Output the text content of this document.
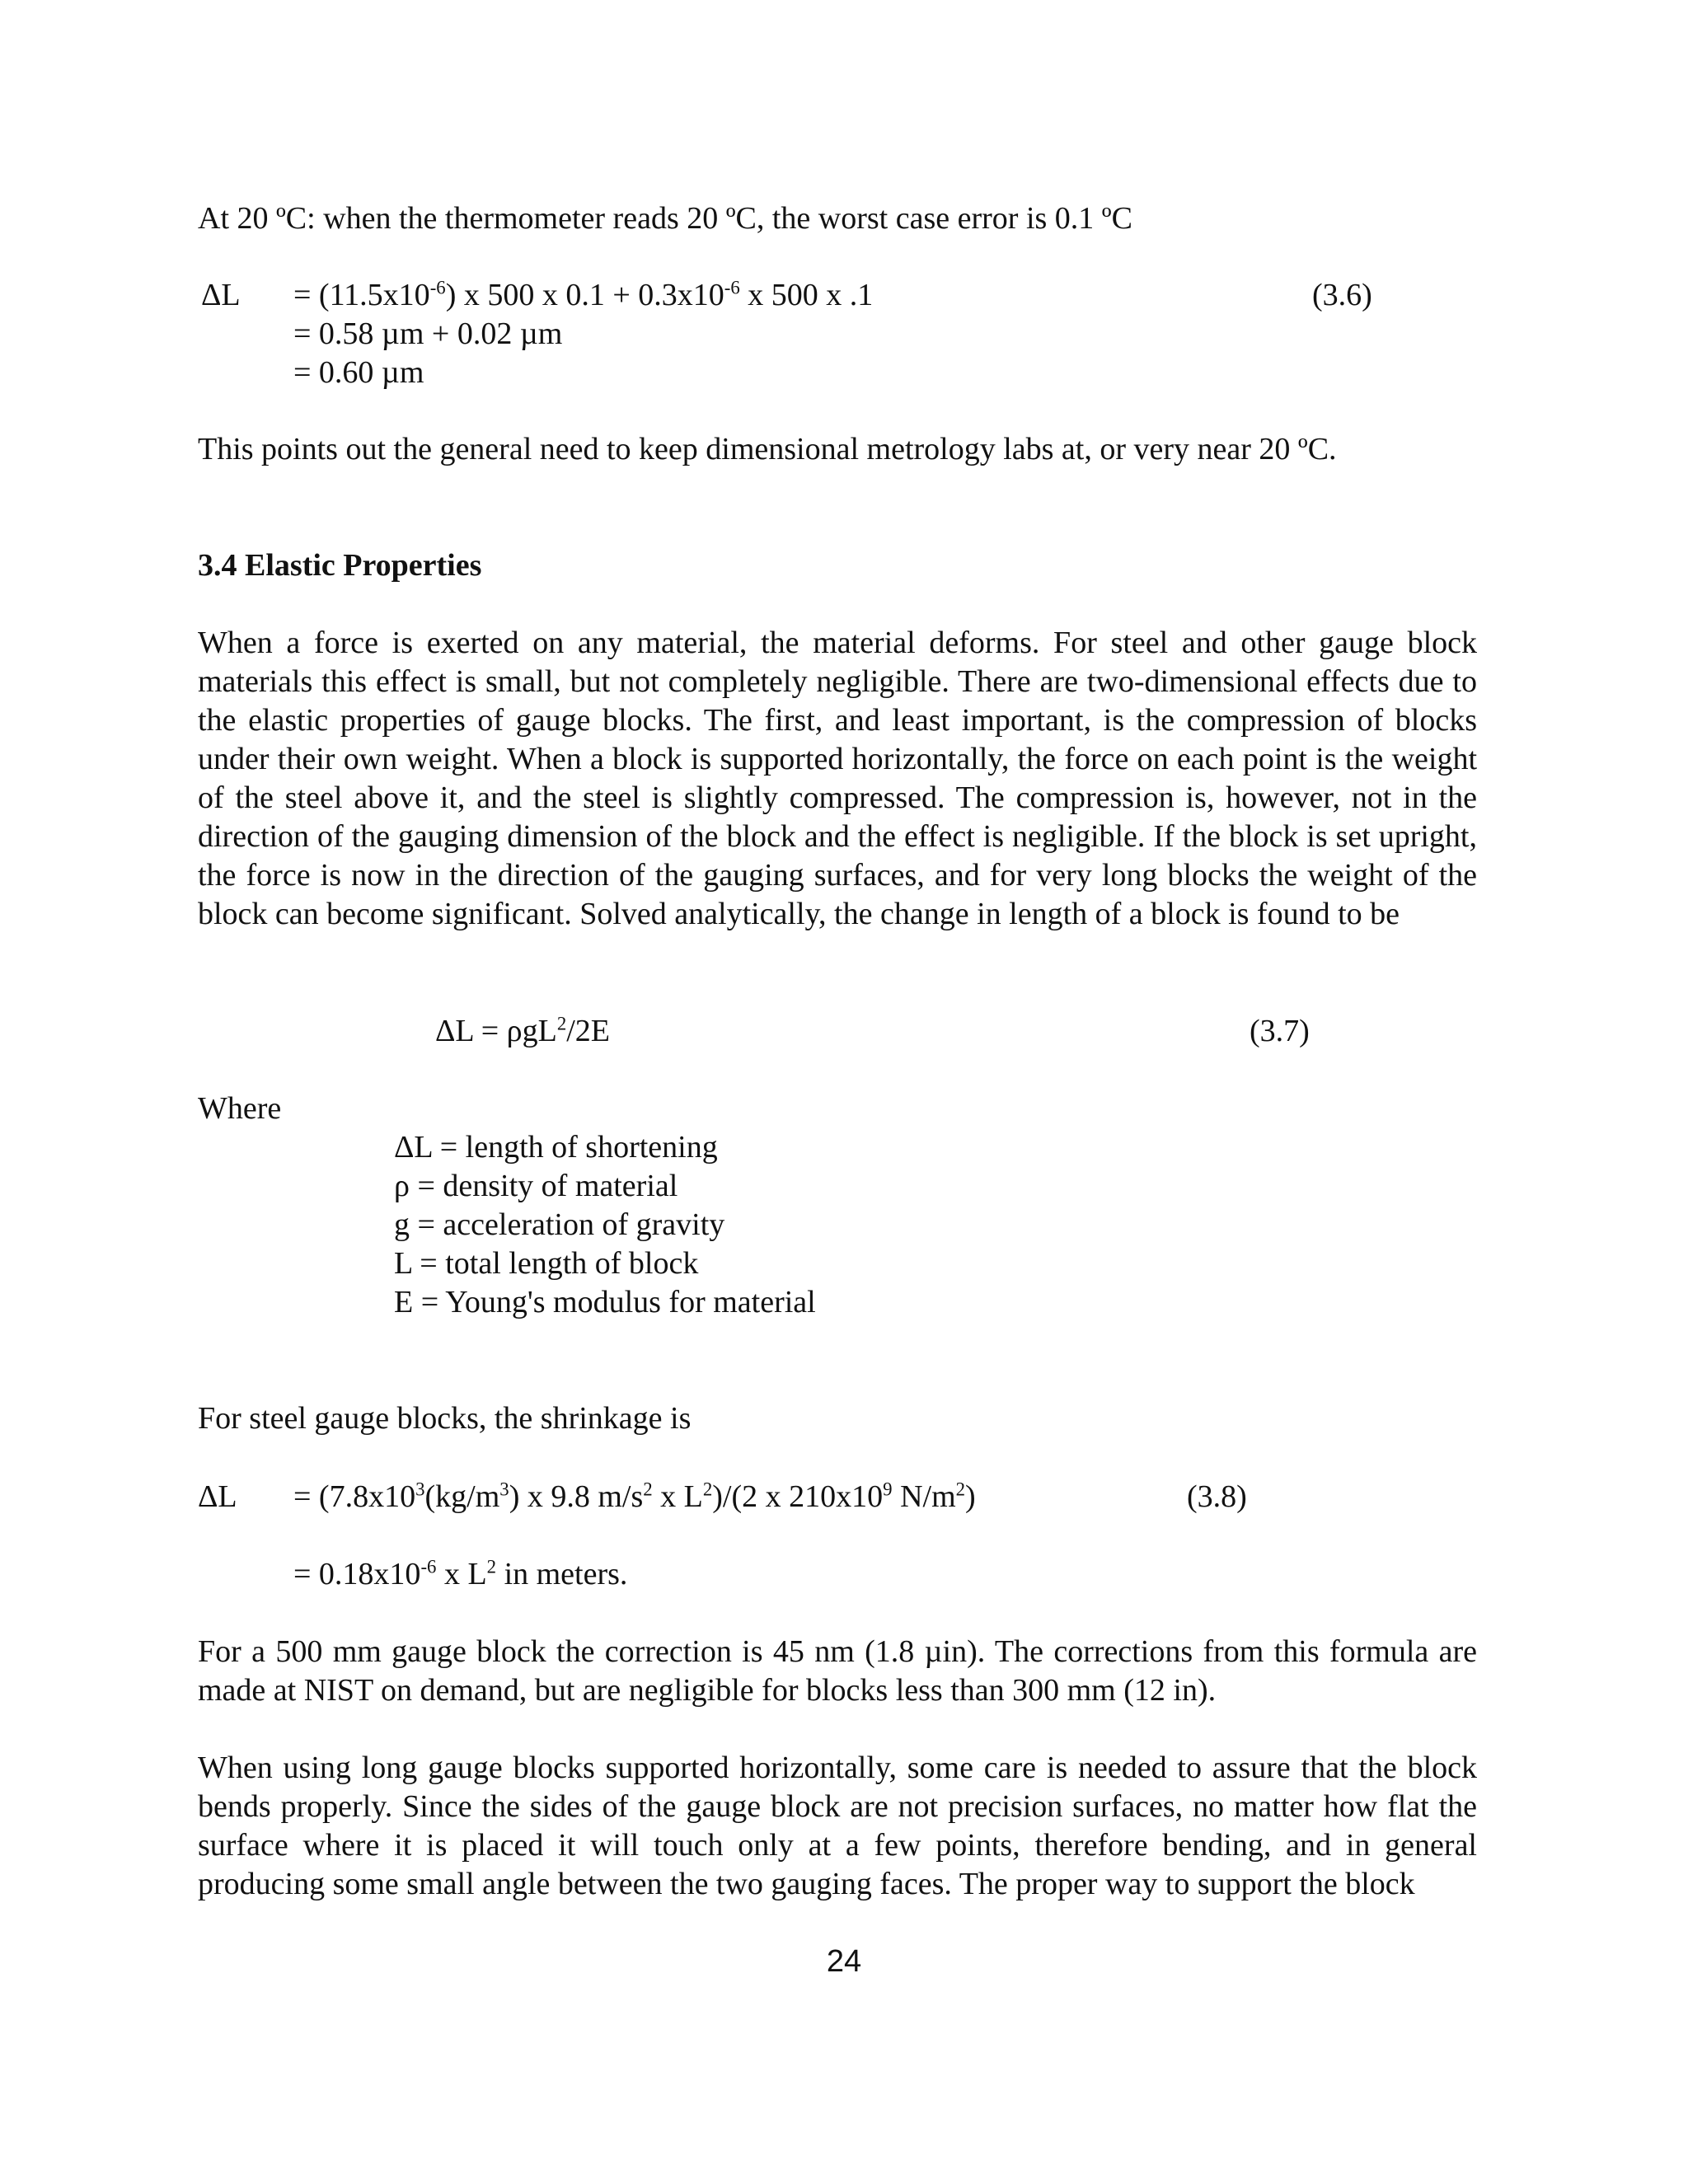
At 20 ºC: when the thermometer reads 20 ºC, the worst case error is 0.1 ºC
$\Delta L = (11.5x10^{-6})$ x 500 x $0.1 + 0.3x10^{-6}$ x 500 x .1	(3.6)
= 0.58 µm + 0.02 µm
= 0.60 µm
This points out the general need to keep dimensional metrology labs at, or very near 20 ºC.
3.4 Elastic Properties
When a force is exerted on any material, the material deforms. For steel and other gauge block materials this effect is small, but not completely negligible. There are two-dimensional effects due to the elastic properties of gauge blocks. The first, and least important, is the compression of blocks under their own weight. When a block is supported horizontally, the force on each point is the weight of the steel above it, and the steel is slightly compressed. The compression is, however, not in the direction of the gauging dimension of the block and the effect is negligible. If the block is set upright, the force is now in the direction of the gauging surfaces, and for very long blocks the weight of the block can become significant. Solved analytically, the change in length of a block is found to be
ΔL = ρgL$^2$/2E	(3.7)
Where
ΔL = length of shortening
ρ = density of material
g = acceleration of gravity
L = total length of block
E = Young's modulus for material
For steel gauge blocks, the shrinkage is
$\Delta L = (7.8x10^3(kg/m^3)$ x 9.8 $m/s^2$ x $L^2)/(2$ x $210x10^9$ $N/m^2$)	(3.8)
= $0.18x10^{-6}$ x $L^2$ in meters.
For a 500 mm gauge block the correction is 45 nm (1.8 µin). The corrections from this formula are made at NIST on demand, but are negligible for blocks less than 300 mm (12 in).
When using long gauge blocks supported horizontally, some care is needed to assure that the block bends properly. Since the sides of the gauge block are not precision surfaces, no matter how flat the surface where it is placed it will touch only at a few points, therefore bending, and in general producing some small angle between the two gauging faces. The proper way to support the block
24
